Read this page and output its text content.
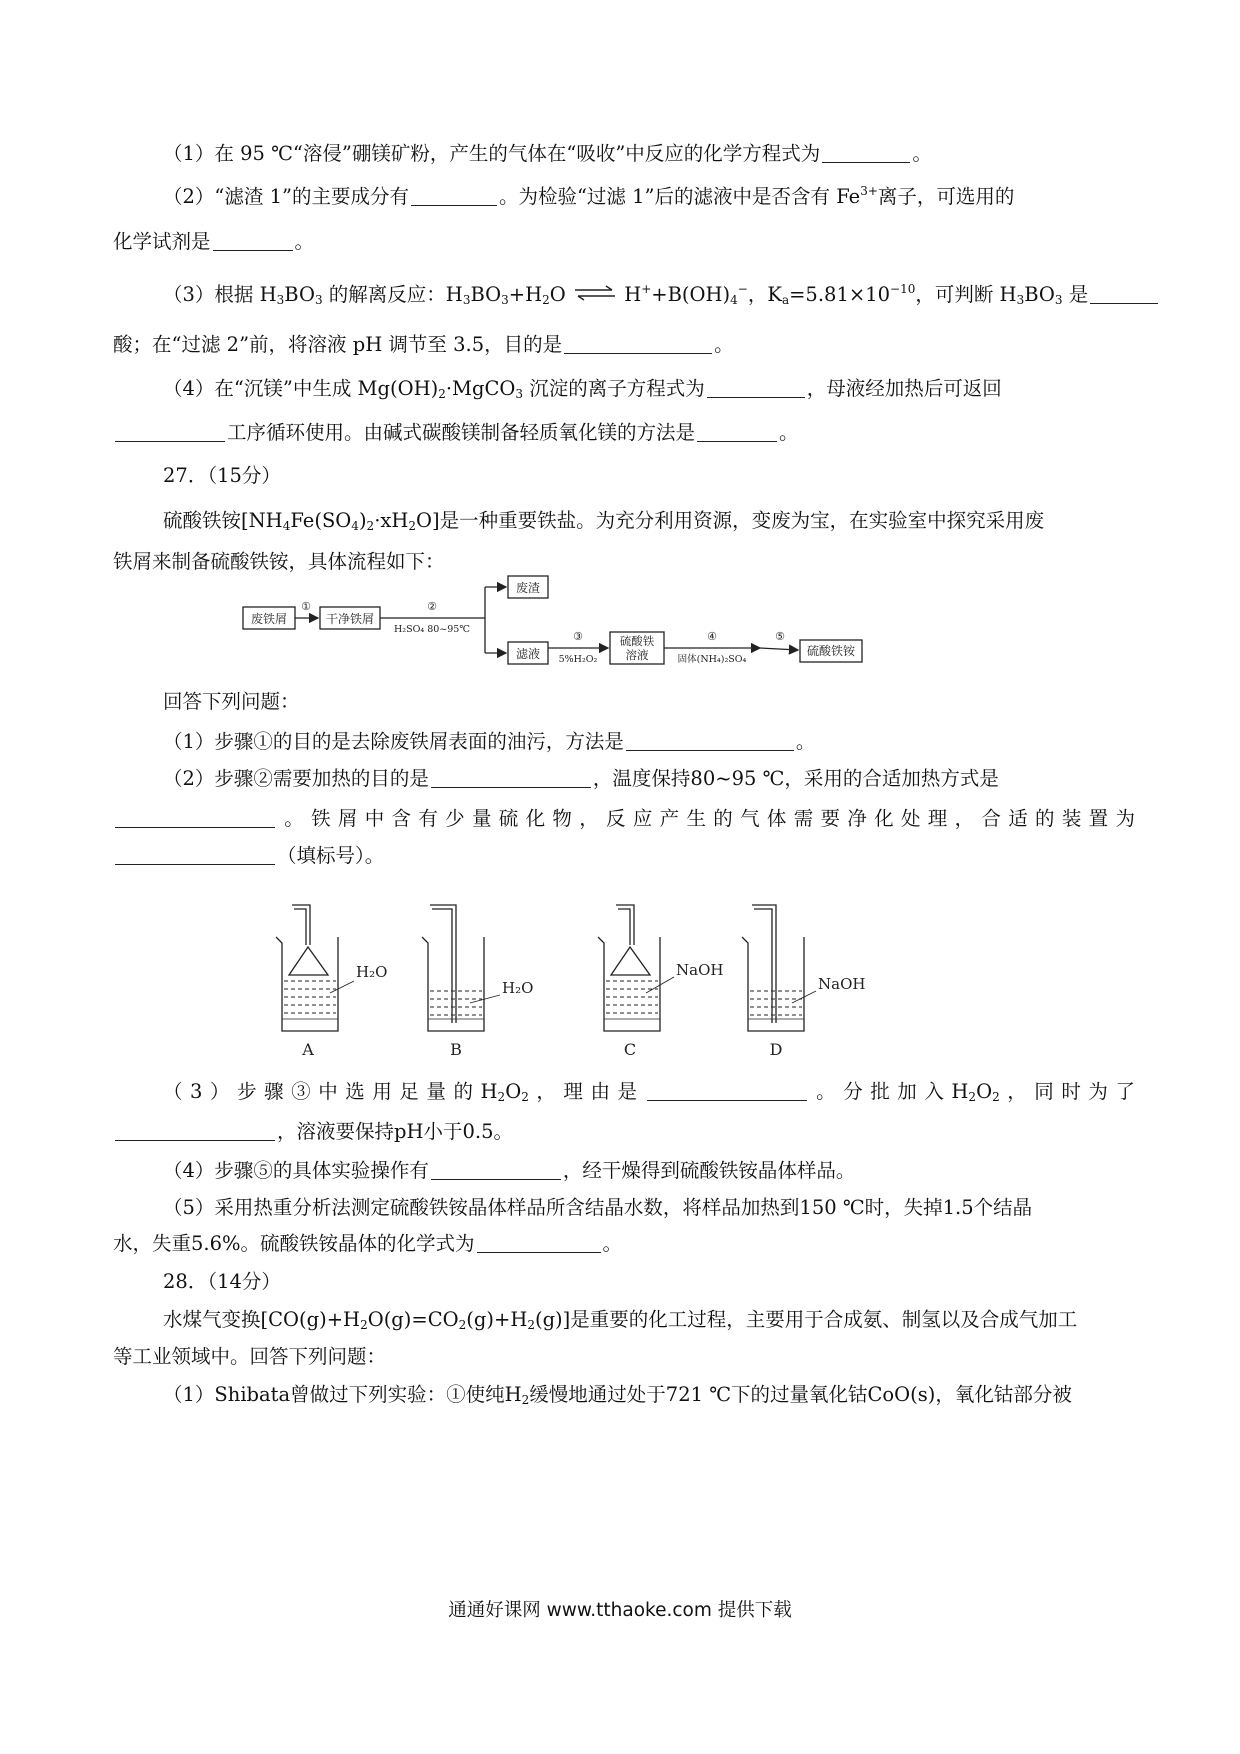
（1）在 95 ℃“溶侵”硼镁矿粉，产生的气体在“吸收”中反应的化学方程式为	。
（2）“滤渣 1”的主要成分有	。为检验“过滤 1”后的滤液中是否含有 $Fe^{3+}$离子，可选用的
化学试剂是	。
（3）根据 $H_3BO_3$ 的解离反应：$H_3BO_3+H_2O$ ⇌ $H^++B(OH)_4^-$，$K_a=5.81\times 10^{-10}$，可判断 $H_3BO_3$ 是
酸；在“过滤 2”前，将溶液 pH 调节至 3.5，目的是	。
（4）在“沉镁”中生成 $Mg(OH)_2\cdot MgCO_3$ 沉淀的离子方程式为	，母液经加热后可返回
工序循环使用。由碱式碳酸镁制备轻质氧化镁的方法是	。
27．（15分）
硫酸铁铵$[NH_4Fe(SO_4)_2\cdot xH_2O]$是一种重要铁盐。为充分利用资源，变废为宝，在实验室中探究采用废
铁屑来制备硫酸铁铵，具体流程如下：
废铁屑	干净铁屑
废渣
滤液
硫酸铁溶液	硫酸铁铵
①	②
H₂SO₄ 80~95℃
③
5%H₂O₂
④
固体(NH₄)₂SO₄
⑤
回答下列问题：
（1）步骤①的目的是去除废铁屑表面的油污，方法是	。
（2）步骤②需要加热的目的是	，温度保持80~95 ℃，采用的合适加热方式是
。铁屑中含有少量硫化物，反应产生的气体需要净化处理，合适的装置为
（填标号）。
H₂O
H₂O
NaOH
NaOH
A	B	C	D
（3）步骤③中选用足量的$H_2O_2$，理由是	。分批加入$H_2O_2$，同时为了
，溶液要保持pH小于0.5。
（4）步骤⑤的具体实验操作有	，经干燥得到硫酸铁铵晶体样品。
（5）采用热重分析法测定硫酸铁铵晶体样品所含结晶水数，将样品加热到150 ℃时，失掉1.5个结晶
水，失重5.6%。硫酸铁铵晶体的化学式为	。
28．（14分）
水煤气变换$[CO(g)+H_2O(g)=CO_2(g)+H_2(g)]$是重要的化工过程，主要用于合成氨、制氢以及合成气加工
等工业领域中。回答下列问题：
（1）Shibata曾做过下列实验：①使纯$H_2$缓慢地通过处于721 ℃下的过量氧化钴CoO(s)，氧化钴部分被
通通好课网 www.tthaoke.com 提供下载
